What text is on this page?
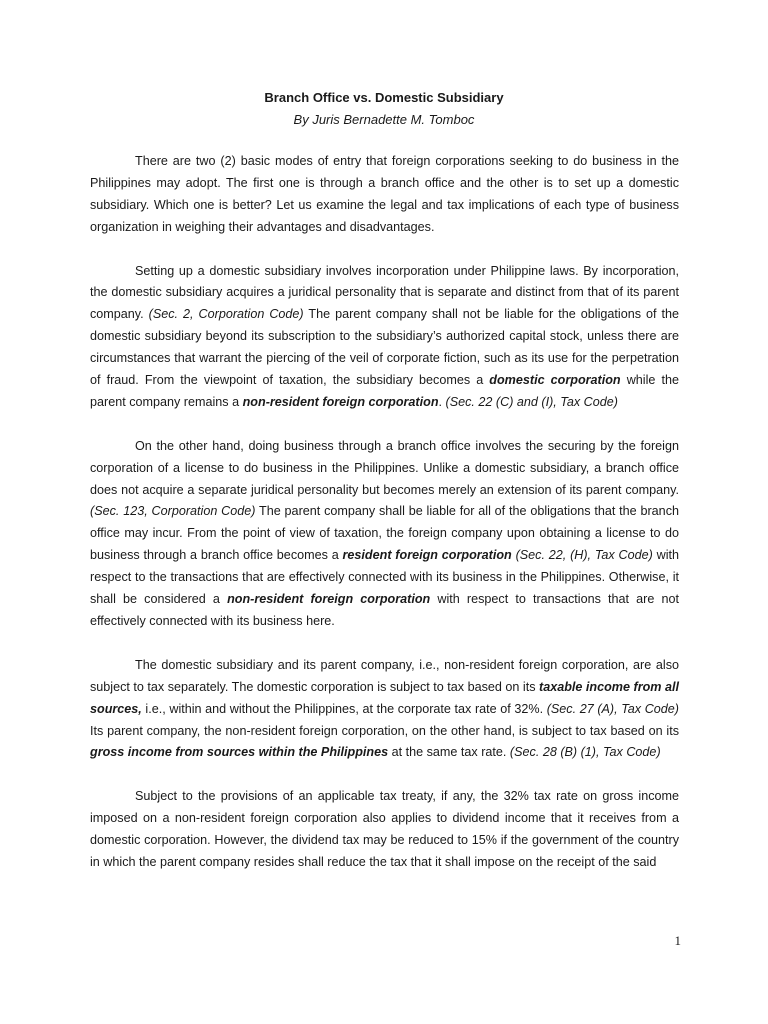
Branch Office vs. Domestic Subsidiary
By Juris Bernadette M. Tomboc

There are two (2) basic modes of entry that foreign corporations seeking to do business in the Philippines may adopt. The first one is through a branch office and the other is to set up a domestic subsidiary. Which one is better? Let us examine the legal and tax implications of each type of business organization in weighing their advantages and disadvantages.

Setting up a domestic subsidiary involves incorporation under Philippine laws. By incorporation, the domestic subsidiary acquires a juridical personality that is separate and distinct from that of its parent company. (Sec. 2, Corporation Code) The parent company shall not be liable for the obligations of the domestic subsidiary beyond its subscription to the subsidiary’s authorized capital stock, unless there are circumstances that warrant the piercing of the veil of corporate fiction, such as its use for the perpetration of fraud. From the viewpoint of taxation, the subsidiary becomes a domestic corporation while the parent company remains a non-resident foreign corporation. (Sec. 22 (C) and (I), Tax Code)

On the other hand, doing business through a branch office involves the securing by the foreign corporation of a license to do business in the Philippines. Unlike a domestic subsidiary, a branch office does not acquire a separate juridical personality but becomes merely an extension of its parent company. (Sec. 123, Corporation Code) The parent company shall be liable for all of the obligations that the branch office may incur. From the point of view of taxation, the foreign company upon obtaining a license to do business through a branch office becomes a resident foreign corporation (Sec. 22, (H), Tax Code) with respect to the transactions that are effectively connected with its business in the Philippines. Otherwise, it shall be considered a non-resident foreign corporation with respect to transactions that are not effectively connected with its business here.

The domestic subsidiary and its parent company, i.e., non-resident foreign corporation, are also subject to tax separately. The domestic corporation is subject to tax based on its taxable income from all sources, i.e., within and without the Philippines, at the corporate tax rate of 32%. (Sec. 27 (A), Tax Code) Its parent company, the non-resident foreign corporation, on the other hand, is subject to tax based on its gross income from sources within the Philippines at the same tax rate. (Sec. 28 (B) (1), Tax Code)

Subject to the provisions of an applicable tax treaty, if any, the 32% tax rate on gross income imposed on a non-resident foreign corporation also applies to dividend income that it receives from a domestic corporation. However, the dividend tax may be reduced to 15% if the government of the country in which the parent company resides shall reduce the tax that it shall impose on the receipt of the said

1
